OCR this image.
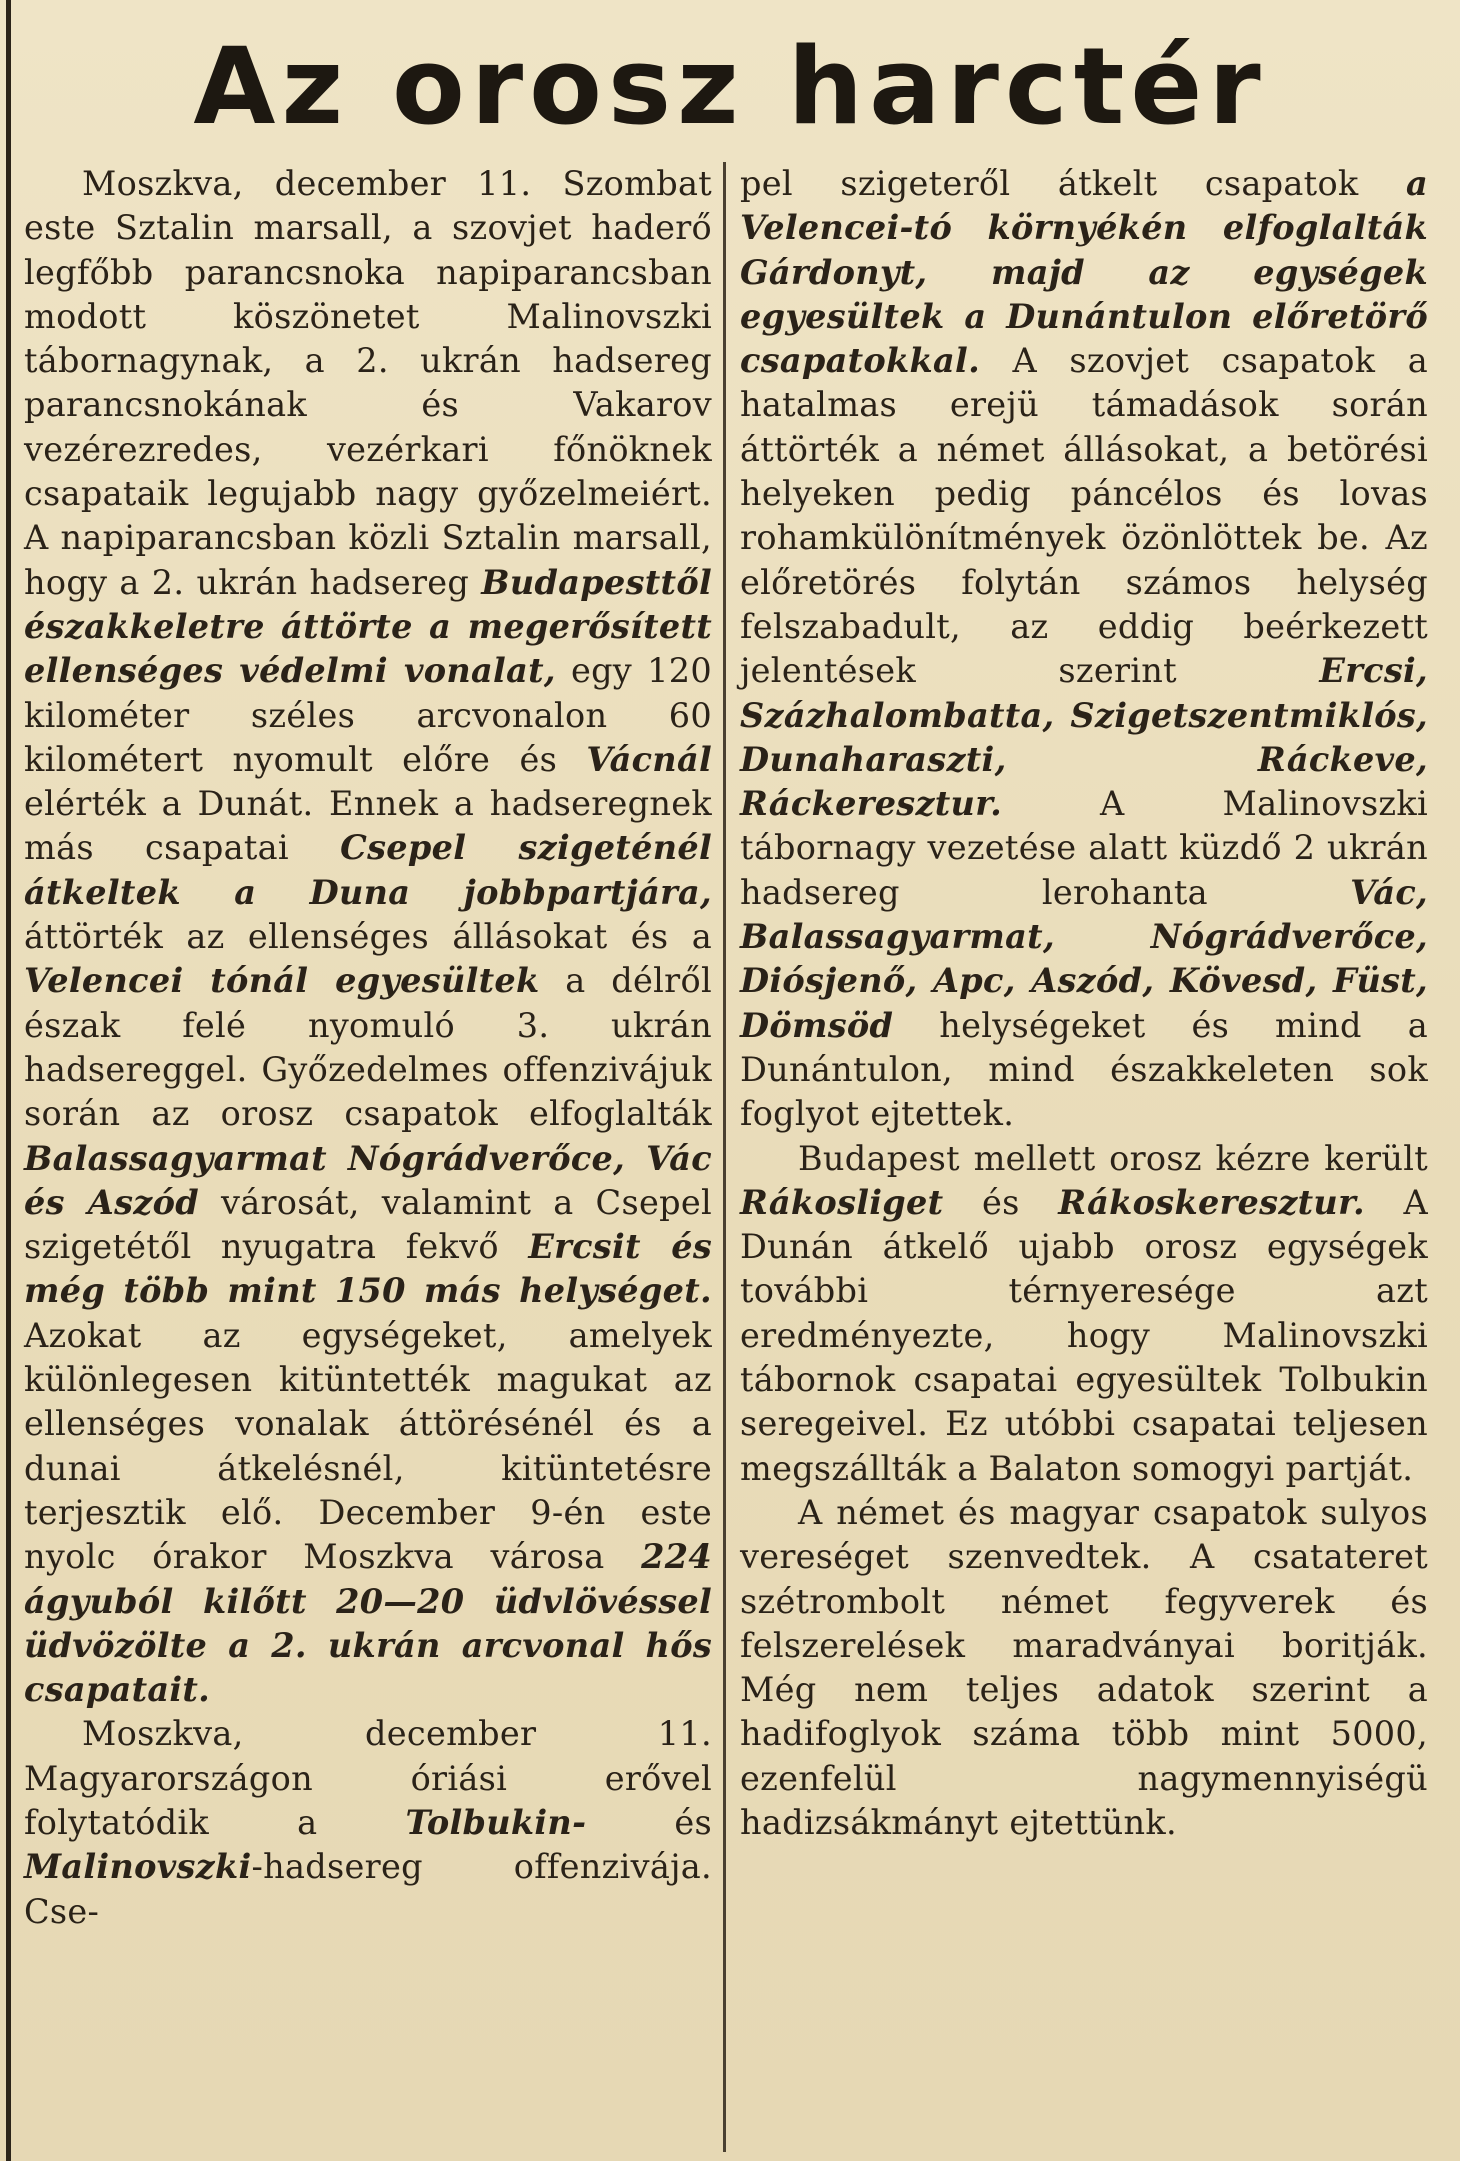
Az orosz harctér

Moszkva, december 11. Szombat este Sztalin marsall, a szovjet haderő legfőbb parancsnoka napiparancsban modott köszönetet Malinovszki tábornagynak, a 2. ukrán hadsereg parancsnokának és Vakarov vezérezredes, vezérkari főnöknek csapataik legujabb nagy győzelmeiért. A napiparancsban közli Sztalin marsall, hogy a 2. ukrán hadsereg Budapesttől északkeletre áttörte a megerősített ellenséges védelmi vonalat, egy 120 kilométer széles arcvonalon 60 kilométert nyomult előre és Vácnál elérték a Dunát. Ennek a hadseregnek más csapatai Csepel szigeténél átkeltek a Duna jobbpartjára, áttörték az ellenséges állásokat és a Velencei tónál egyesültek a délről észak felé nyomuló 3. ukrán hadsereggel. Győzedelmes offenzivájuk során az orosz csapatok elfoglalták Balassagyarmat Nógrádverőce, Vác és Aszód városát, valamint a Csepel szigetétől nyugatra fekvő Ercsit és még több mint 150 más helységet. Azokat az egységeket, amelyek különlegesen kitüntették magukat az ellenséges vonalak áttörésénél és a dunai átkelésnél, kitüntetésre terjesztik elő. December 9-én este nyolc órakor Moszkva városa 224 ágyuból kilőtt 20—20 üdvlövéssel üdvözölte a 2. ukrán arcvonal hős csapatait.

Moszkva, december 11. Magyarországon óriási erővel folytatódik a Tolbukin- és Malinovszki-hadsereg offenzivája. Cse-

pel szigeteről átkelt csapatok a Velencei-tó környékén elfoglalták Gárdonyt, majd az egységek egyesültek a Dunántulon előretörő csapatokkal. A szovjet csapatok a hatalmas erejü támadások során áttörték a német állásokat, a betörési helyeken pedig páncélos és lovas rohamkülönítmények özönlöttek be. Az előretörés folytán számos helység felszabadult, az eddig beérkezett jelentések szerint Ercsi, Százhalombatta, Szigetszentmiklós, Dunaharaszti, Ráckeve, Ráckeresztur. A Malinovszki tábornagy vezetése alatt küzdő 2 ukrán hadsereg lerohanta Vác, Balassagyarmat, Nógrádverőce, Diósjenő, Apc, Aszód, Kövesd, Füst, Dömsöd helységeket és mind a Dunántulon, mind északkeleten sok foglyot ejtettek.

Budapest mellett orosz kézre került Rákosliget és Rákoskeresztur. A Dunán átkelő ujabb orosz egységek további térnyeresége azt eredményezte, hogy Malinovszki tábornok csapatai egyesültek Tolbukin seregeivel. Ez utóbbi csapatai teljesen megszállták a Balaton somogyi partját.

A német és magyar csapatok sulyos vereséget szenvedtek. A csatateret szétrombolt német fegyverek és felszerelések maradványai boritják. Még nem teljes adatok szerint a hadifoglyok száma több mint 5000, ezenfelül nagymennyiségü hadizsákmányt ejtettünk.
